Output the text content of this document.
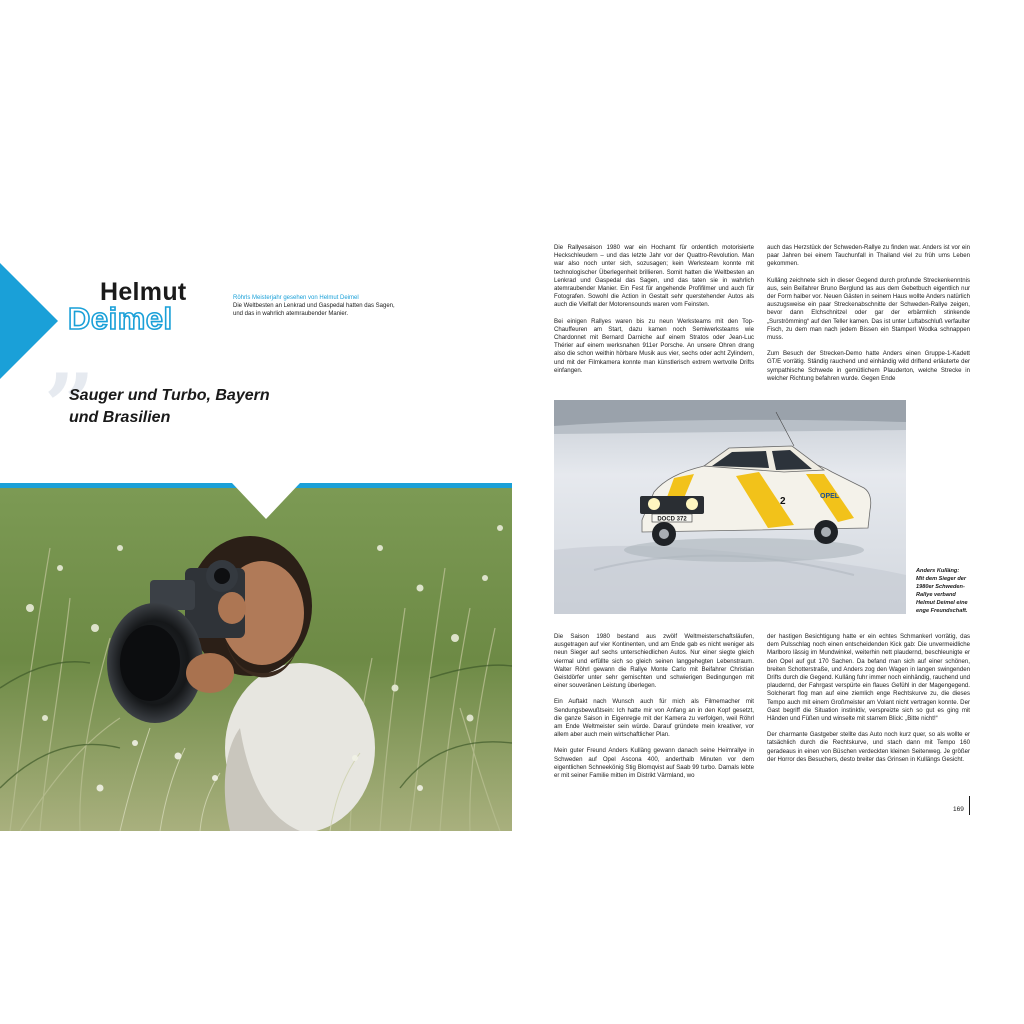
Helmut
Deimel
Röhrls Meisterjahr gesehen von Helmut Deimel
Die Weltbesten an Lenkrad und Gaspedal hatten das Sagen, und das in wahrlich atemraubender Manier.
”
Sauger und Turbo, Bayern
und Brasilien

Die Rallyesaison 1980 war ein Hochamt für ordentlich motorisierte Heckschleudern – und das letzte Jahr vor der Quattro-Revolution. Man war also noch unter sich, sozusagen; kein Werksteam konnte mit technologischer Überlegenheit brillieren. Somit hatten die Weltbesten an Lenkrad und Gaspedal das Sagen, und das taten sie in wahrlich atemraubender Manier. Ein Fest für angehende Profifilmer und auch für Fotografen. Sowohl die Action in Gestalt sehr querstehender Autos als auch die Vielfalt der Motorensounds waren vom Feinsten.

Bei einigen Rallyes waren bis zu neun Werksteams mit den Top-Chauffeuren am Start, dazu kamen noch Semiwerksteams wie Chardonnet mit Bernard Darniche auf einem Stratos oder Jean-Luc Thérier auf einem werksnahen 911er Porsche. An unsere Ohren drang also die schon weithin hörbare Musik aus vier, sechs oder acht Zylindern, und mit der Filmkamera konnte man künstlerisch extrem wertvolle Drifts einfangen.

auch das Herzstück der Schweden-Rallye zu finden war. Anders ist vor ein paar Jahren bei einem Tauchunfall in Thailand viel zu früh ums Leben gekommen.

Kulläng zeichnete sich in dieser Gegend durch profunde Streckenkenntnis aus, sein Beifahrer Bruno Berglund las aus dem Gebetbuch eigentlich nur der Form halber vor. Neuen Gästen in seinem Haus wollte Anders natürlich auszugsweise ein paar Streckenabschnitte der Schweden-Rallye zeigen, bevor dann Elchschnitzel oder gar der erbärmlich stinkende „Surströmming“ auf den Teller kamen. Das ist unter Luftabschluß verfaulter Fisch, zu dem man nach jedem Bissen ein Stamperl Wodka schnappen muss.

Zum Besuch der Strecken-Demo hatte Anders einen Gruppe-1-Kadett GT/E vorrätig. Ständig rauchend und einhändig wild driftend erläuterte der sympathische Schwede in gemütlichem Plauderton, welche Strecke in welcher Richtung befahren wurde. Gegen Ende

DOCD 372
OPEL
2
Anders Kulläng:
Mit dem Sieger der
1980er Schweden-
Rallye verband
Helmut Deimel eine
enge Freundschaft.

Die Saison 1980 bestand aus zwölf Weltmeisterschaftsläufen, ausgetragen auf vier Kontinenten, und am Ende gab es nicht weniger als neun Sieger auf sechs unterschiedlichen Autos. Nur einer siegte gleich viermal und erfüllte sich so gleich seinen langgehegten Lebenstraum. Walter Röhrl gewann die Rallye Monte Carlo mit Beifahrer Christian Geistdörfer unter sehr gemischten und schwierigen Bedingungen mit einer souveränen Leistung überlegen.

Ein Auftakt nach Wunsch auch für mich als Filmemacher mit Sendungsbewußtsein: Ich hatte mir von Anfang an in den Kopf gesetzt, die ganze Saison in Eigenregie mit der Kamera zu verfolgen, weil Röhrl am Ende Weltmeister sein würde. Darauf gründete mein kreativer, vor allem aber auch mein wirtschaftlicher Plan.

Mein guter Freund Anders Kulläng gewann danach seine Heimrallye in Schweden auf Opel Ascona 400, anderthalb Minuten vor dem eigentlichen Schneekönig Stig Blomqvist auf Saab 99 turbo. Damals lebte er mit seiner Familie mitten im Distrikt Värmland, wo

der hastigen Besichtigung hatte er ein echtes Schmankerl vorrätig, das dem Pulsschlag noch einen entscheidenden Kick gab: Die unvermeidliche Marlboro lässig im Mundwinkel, weiterhin nett plaudernd, beschleunigte er den Opel auf gut 170 Sachen. Da befand man sich auf einer schönen, breiten Schotterstraße, und Anders zog den Wagen in langen swingenden Drifts durch die Gegend. Kulläng fuhr immer noch einhändig, rauchend und plaudernd, der Fahrgast verspürte ein flaues Gefühl in der Magengegend. Solcherart flog man auf eine ziemlich enge Rechtskurve zu, die dieses Tempo auch mit einem Großmeister am Volant nicht vertragen konnte. Der Gast begriff die Situation instinktiv, verspreizte sich so gut es ging mit Händen und Füßen und winselte mit starrem Blick: „Bitte nicht!“

Der charmante Gastgeber stellte das Auto noch kurz quer, so als wollte er tatsächlich durch die Rechtskurve, und stach dann mit Tempo 160 geradeaus in einen von Büschen verdeckten kleinen Seitenweg. Je größer der Horror des Besuchers, desto breiter das Grinsen in Kullängs Gesicht.

169
